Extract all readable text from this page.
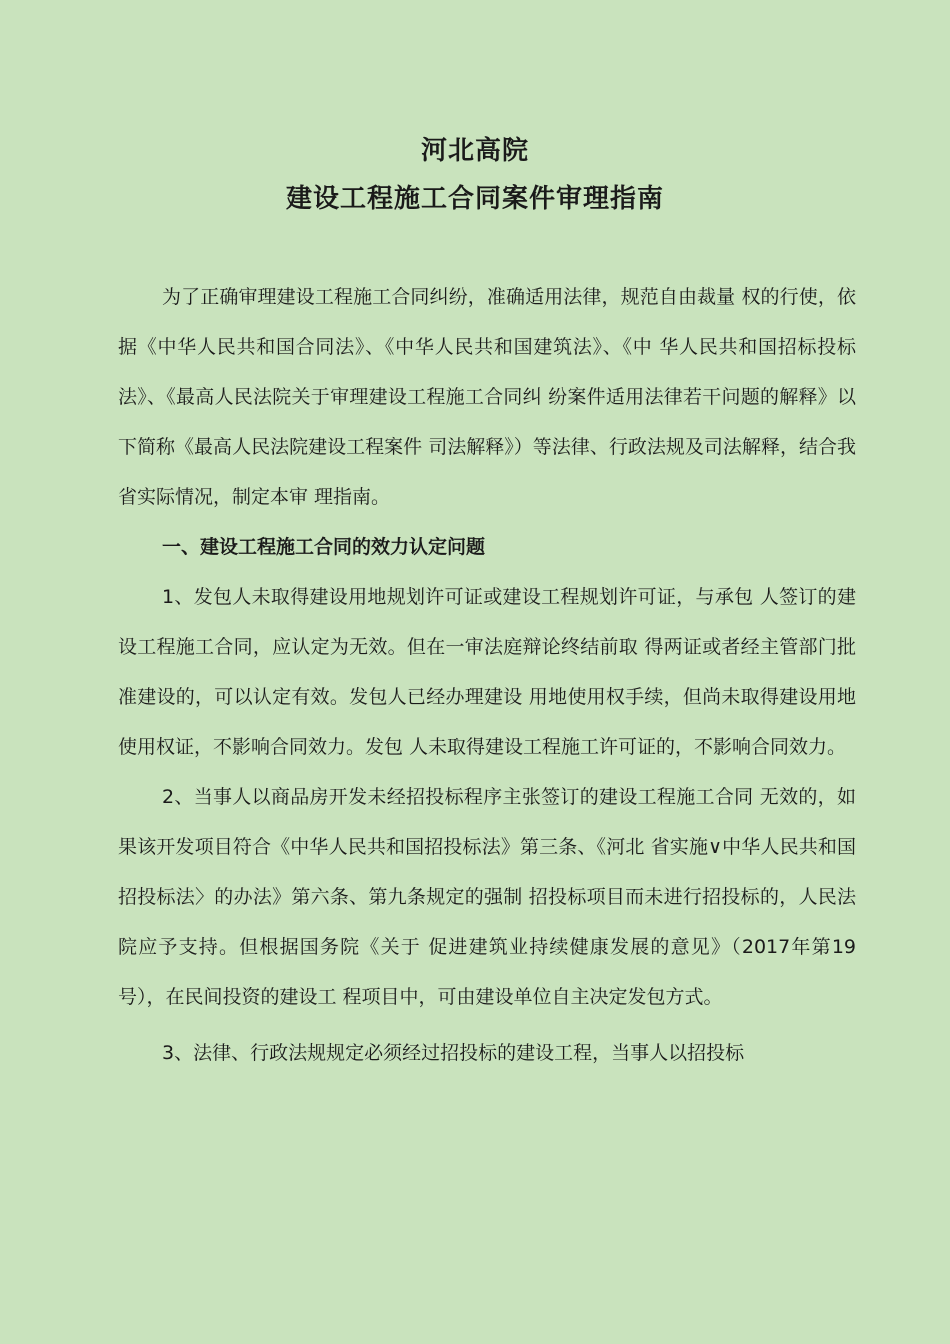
河北高院
建设工程施工合同案件审理指南

为了正确审理建设工程施工合同纠纷，准确适用法律，规范自由裁量 权的行使，依据《中华人民共和国合同法》、《中华人民共和国建筑法》、《中 华人民共和国招标投标法》、《最高人民法院关于审理建设工程施工合同纠 纷案件适用法律若干问题的解释》以下简称《最高人民法院建设工程案件 司法解释》）等法律、行政法规及司法解释，结合我省实际情况，制定本审 理指南。

一、建设工程施工合同的效力认定问题

1、发包人未取得建设用地规划许可证或建设工程规划许可证，与承包 人签订的建设工程施工合同，应认定为无效。但在一审法庭辩论终结前取 得两证或者经主管部门批准建设的，可以认定有效。发包人已经办理建设 用地使用权手续，但尚未取得建设用地使用权证，不影响合同效力。发包 人未取得建设工程施工许可证的，不影响合同效力。

2、当事人以商品房开发未经招投标程序主张签订的建设工程施工合同 无效的，如果该开发项目符合《中华人民共和国招投标法》第三条、《河北 省实施∨中华人民共和国招投标法〉的办法》第六条、第九条规定的强制 招投标项目而未进行招投标的，人民法院应予支持。但根据国务院《关于 促进建筑业持续健康发展的意见》（2017年第19号），在民间投资的建设工 程项目中，可由建设单位自主决定发包方式。

3、法律、行政法规规定必须经过招投标的建设工程，当事人以招投标
